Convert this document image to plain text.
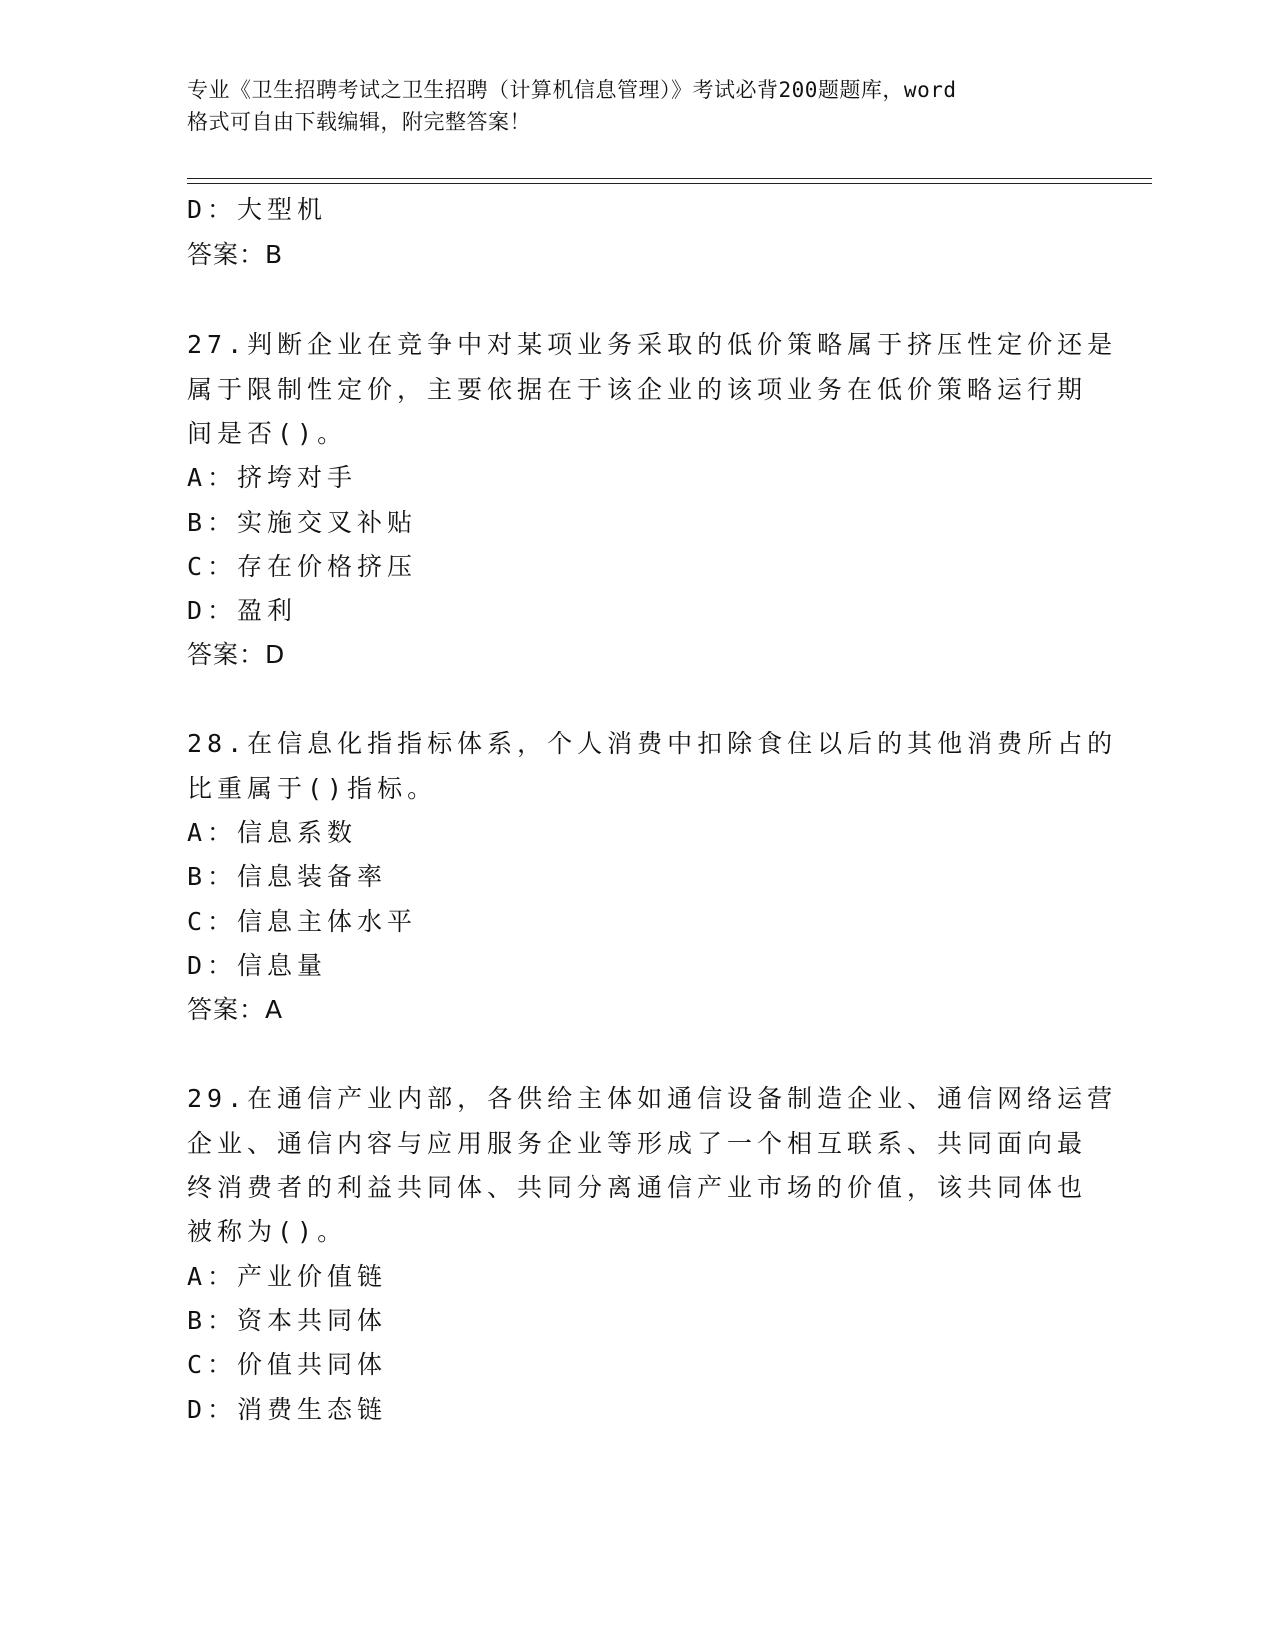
专业《卫生招聘考试之卫生招聘（计算机信息管理）》考试必背200题题库，word
格式可自由下载编辑，附完整答案！
D：大型机
答案：B
27.判断企业在竞争中对某项业务采取的低价策略属于挤压性定价还是
属于限制性定价，主要依据在于该企业的该项业务在低价策略运行期
间是否()。
A：挤垮对手
B：实施交叉补贴
C：存在价格挤压
D：盈利
答案：D
28.在信息化指指标体系，个人消费中扣除食住以后的其他消费所占的
比重属于()指标。
A：信息系数
B：信息装备率
C：信息主体水平
D：信息量
答案：A
29.在通信产业内部，各供给主体如通信设备制造企业、通信网络运营
企业、通信内容与应用服务企业等形成了一个相互联系、共同面向最
终消费者的利益共同体、共同分离通信产业市场的价值，该共同体也
被称为()。
A：产业价值链
B：资本共同体
C：价值共同体
D：消费生态链
